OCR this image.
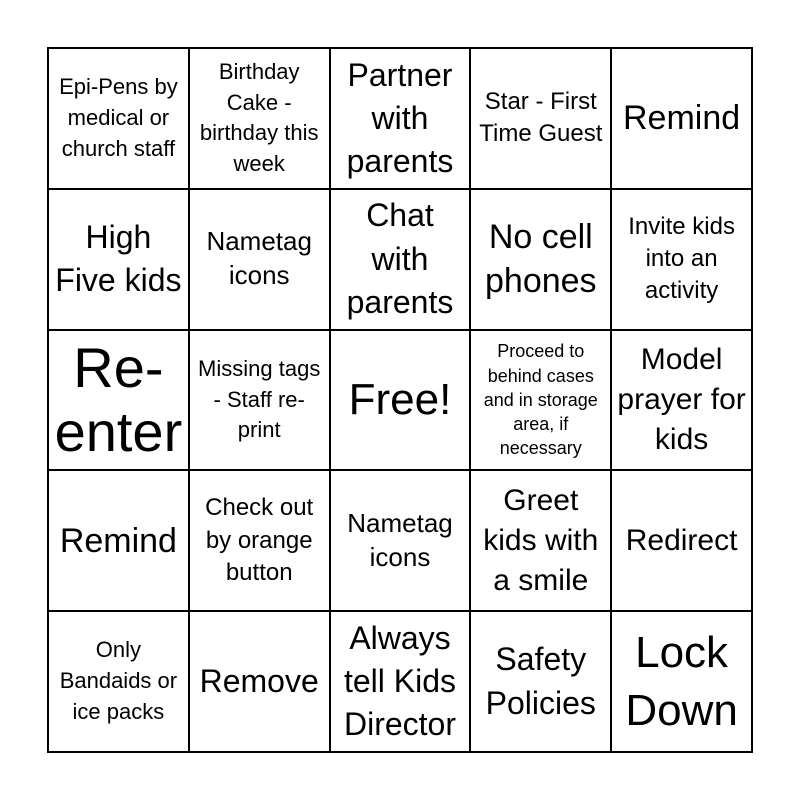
Epi-Pens by medical or church staff
Birthday Cake - birthday this week
Partner with parents
Star - First Time Guest Remind
High Five kids
Nametag icons
Chat with parents
No cell phones
Invite kids into an activity
Re-enter
Missing tags - Staff re-print
Free!
Proceed to behind cases and in storage area, if necessary
Model prayer for kids
Remind
Check out by orange button
Nametag icons
Greet kids with a smile
Redirect
Only Bandaids or ice packs
Remove
Always tell Kids Director
Safety Policies
Lock Down
